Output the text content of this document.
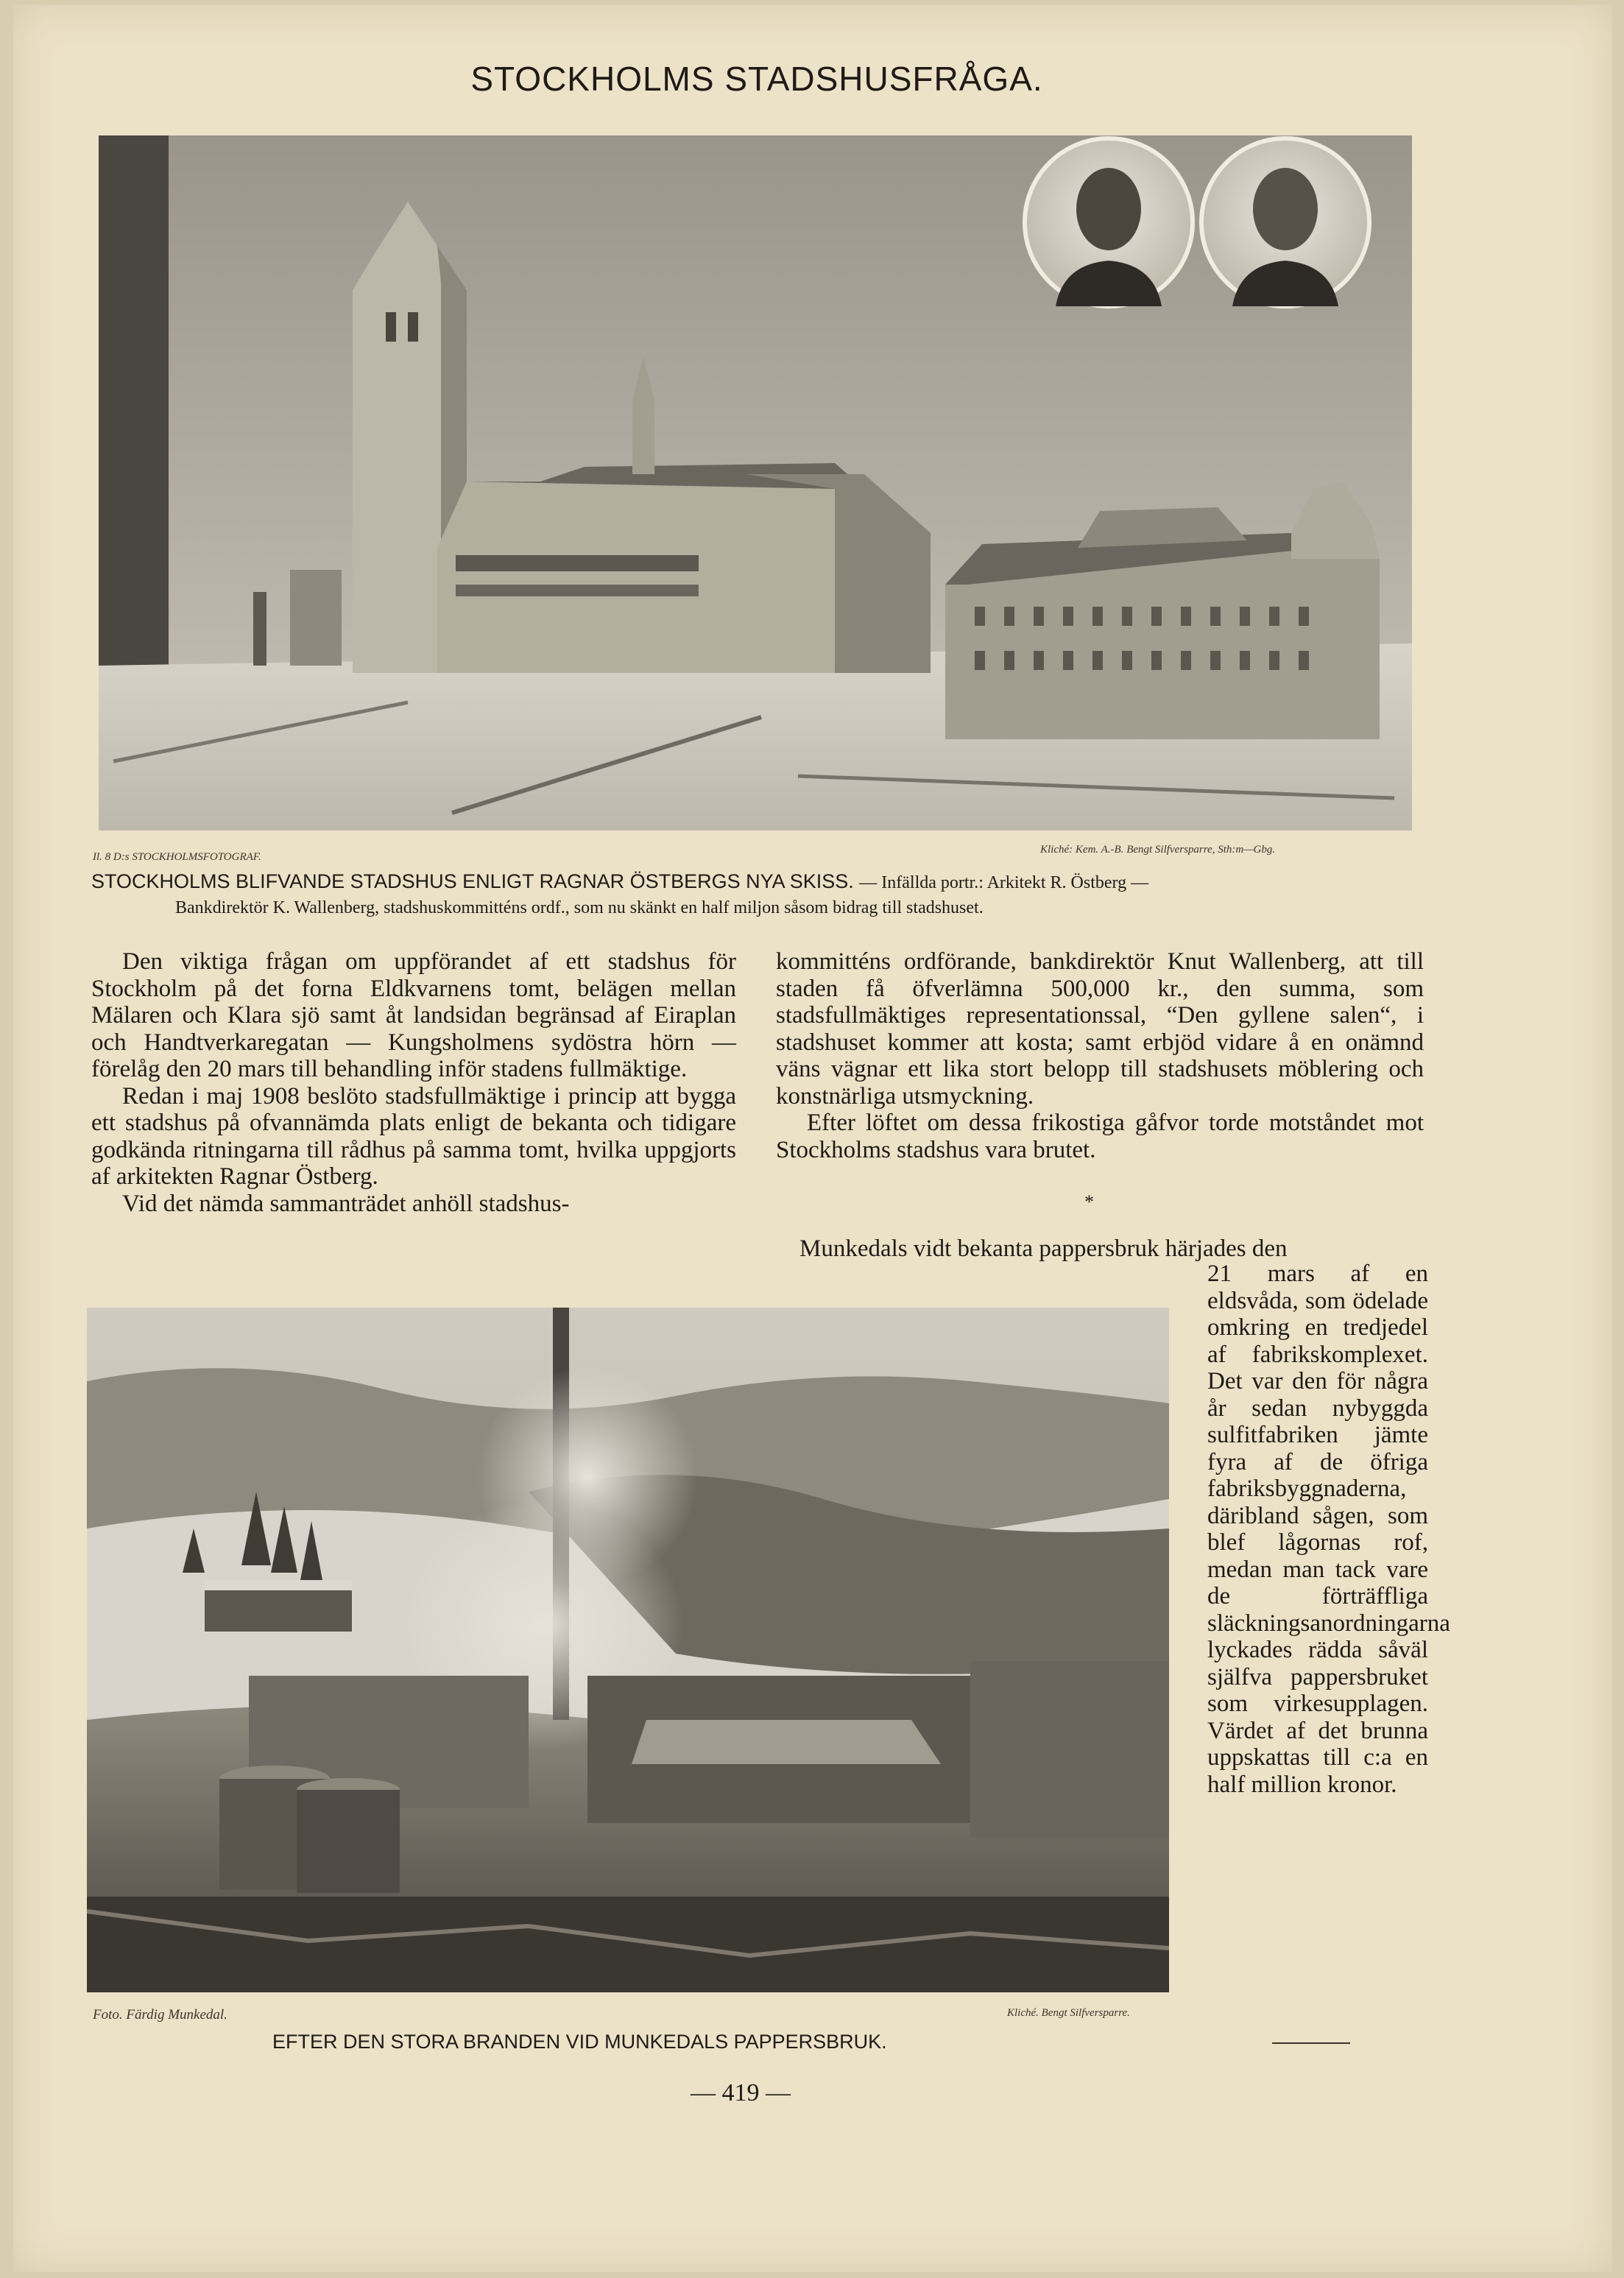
STOCKHOLMS STADSHUSFRÅGA.
Il. 8 D:s STOCKHOLMSFOTOGRAF.
Kliché: Kem. A.-B. Bengt Silfversparre, Sth:m—Gbg.
STOCKHOLMS BLIFVANDE STADSHUS ENLIGT RAGNAR ÖSTBERGS NYA SKISS. — Infällda portr.: Arkitekt R. Östberg —
Bankdirektör K. Wallenberg, stadshuskommitténs ordf., som nu skänkt en half miljon såsom bidrag till stadshuset.

Den viktiga frågan om uppförandet af ett stadshus för Stockholm på det forna Eldkvarnens tomt, belägen mellan Mälaren och Klara sjö samt åt landsidan begränsad af Eiraplan och Handtverkaregatan — Kungsholmens sydöstra hörn — förelåg den 20 mars till behandling inför stadens fullmäktige.

Redan i maj 1908 beslöto stadsfullmäktige i princip att bygga ett stadshus på ofvannämda plats enligt de bekanta och tidigare godkända ritningarna till rådhus på samma tomt, hvilka uppgjorts af arkitekten Ragnar Östberg.

Vid det nämda sammanträdet anhöll stadshus-

kommitténs ordförande, bankdirektör Knut Wallenberg, att till staden få öfverlämna 500,000 kr., den summa, som stadsfullmäktiges representationssal, “Den gyllene salen“, i stadshuset kommer att kosta; samt erbjöd vidare å en onämnd väns vägnar ett lika stort belopp till stadshusets möblering och konstnärliga utsmyckning.

Efter löftet om dessa frikostiga gåfvor torde motståndet mot Stockholms stadshus vara brutet.

*

Munkedals vidt bekanta pappersbruk härjades den

21 mars af en eldsvåda, som ödelade omkring en tredjedel af fabrikskomplexet. Det var den för några år sedan nybyggda sulfitfabriken jämte fyra af de öfriga fabriksbyggnaderna, däribland sågen, som blef lågornas rof, medan man tack vare de förträffliga släckningsanordningarna lyckades rädda såväl själfva pappersbruket som virkesupplagen. Värdet af det brunna uppskattas till c:a en half million kronor.
Foto. Färdig Munkedal.	Kliché. Bengt Silfversparre.
EFTER DEN STORA BRANDEN VID MUNKEDALS PAPPERSBRUK.
— 419 —
